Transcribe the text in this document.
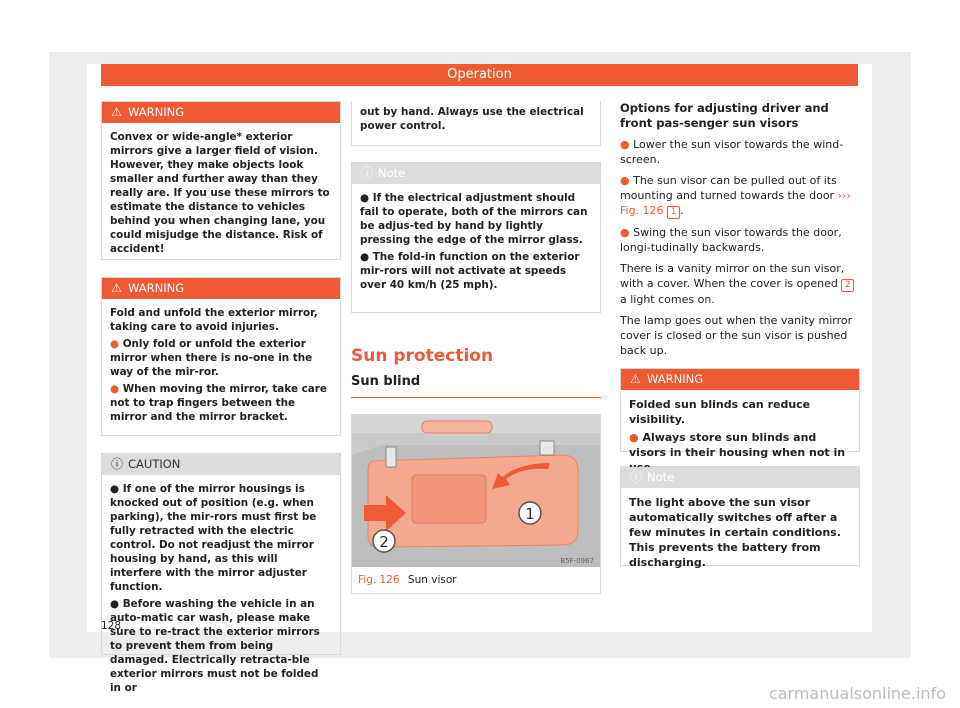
Operation
⚠ WARNING

Convex or wide-angle* exterior mirrors give a larger field of vision. However, they make objects look smaller and further away than they really are. If you use these mirrors to estimate the distance to vehicles behind you when changing lane, you could misjudge the distance. Risk of accident!

⚠ WARNING

Fold and unfold the exterior mirror, taking care to avoid injuries.

● Only fold or unfold the exterior mirror when there is no-one in the way of the mir-ror.

● When moving the mirror, take care not to trap fingers between the mirror and the mirror bracket.

ⓘ CAUTION

● If one of the mirror housings is knocked out of position (e.g. when parking), the mir-rors must first be fully retracted with the electric control. Do not readjust the mirror housing by hand, as this will interfere with the mirror adjuster function.

● Before washing the vehicle in an auto-matic car wash, please make sure to re-tract the exterior mirrors to prevent them from being damaged. Electrically retracta-ble exterior mirrors must not be folded in or

out by hand. Always use the electrical power control.

ⓘ Note

● If the electrical adjustment should fail to operate, both of the mirrors can be adjus-ted by hand by lightly pressing the edge of the mirror glass.

● The fold-in function on the exterior mir-rors will not activate at speeds over 40 km/h (25 mph).

Sun protection
Sun blind
1
2
B5F-0967
Fig. 126 Sun visor
Options for adjusting driver and front pas-senger sun visors

● Lower the sun visor towards the wind-screen.

● The sun visor can be pulled out of its mounting and turned towards the door ››› Fig. 126 1 .

● Swing the sun visor towards the door, longi-tudinally backwards.

There is a vanity mirror on the sun visor, with a cover. When the cover is opened 2 a light comes on.

The lamp goes out when the vanity mirror cover is closed or the sun visor is pushed back up.

⚠ WARNING

Folded sun blinds can reduce visibility.

● Always store sun blinds and visors in their housing when not in

ⓘ Note

The light above the sun visor automatically switches off after a few minutes in certain conditions. This prevents the battery from discharging.

128
carmanualsonline.info
